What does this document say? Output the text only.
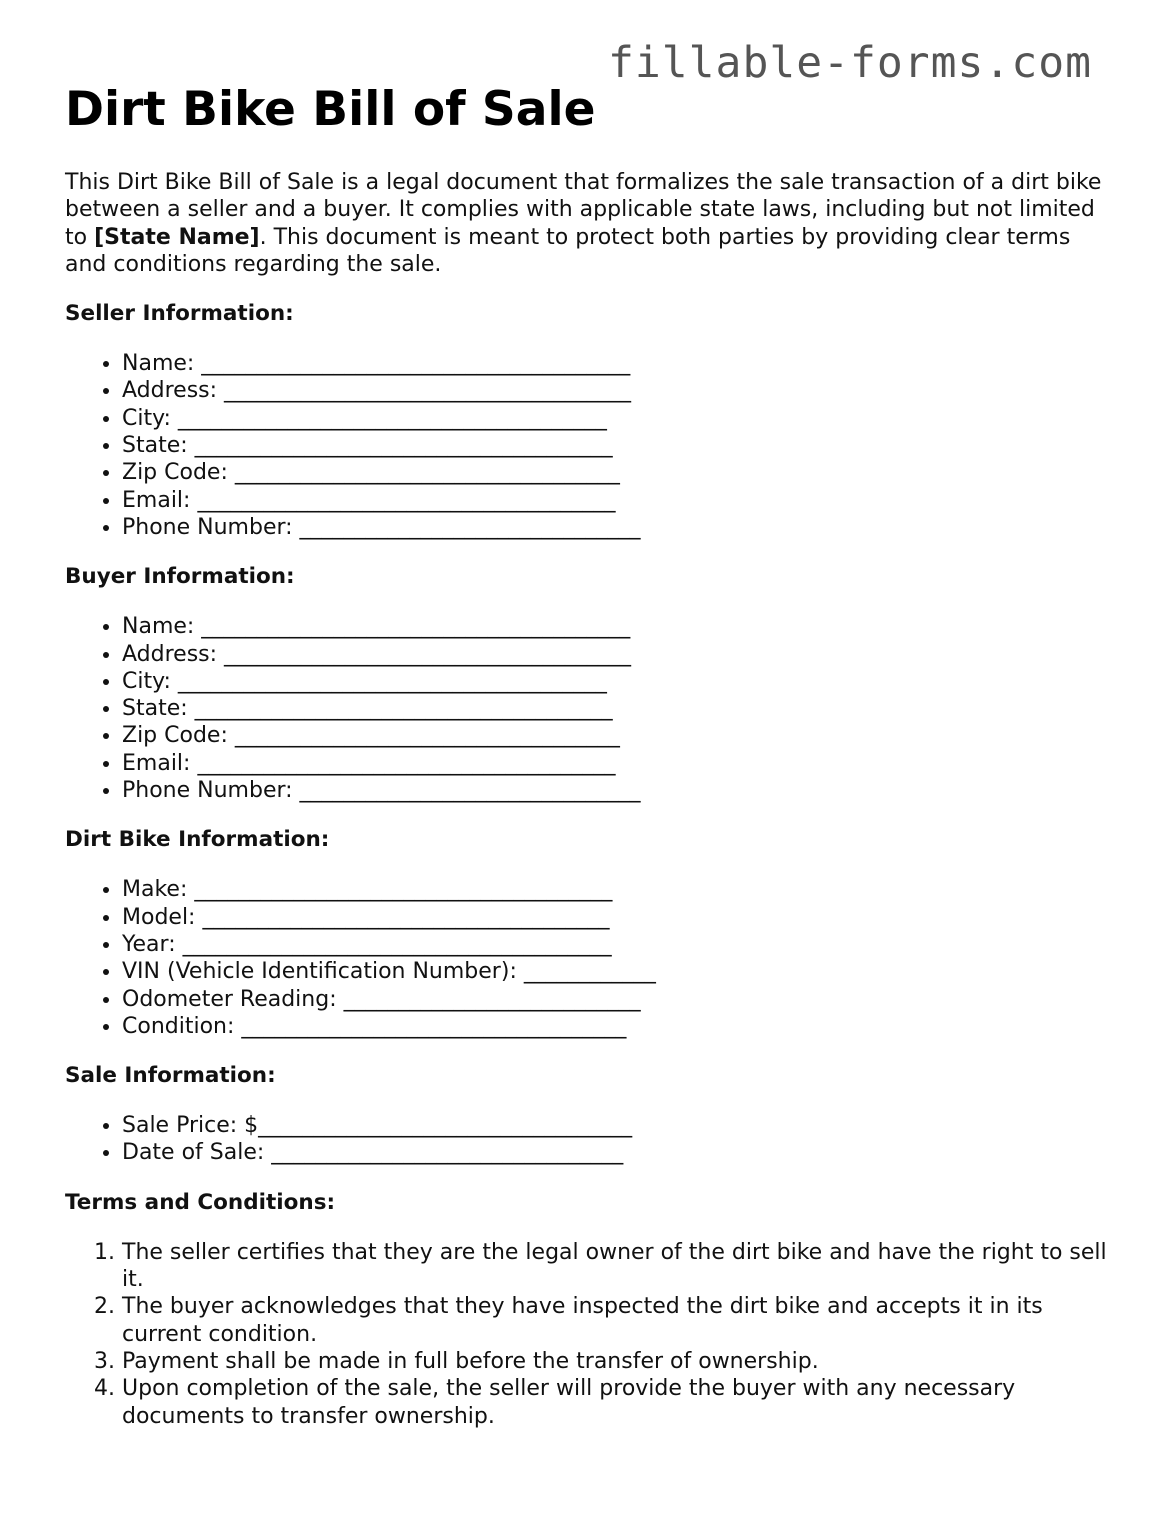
fillable-forms.com
Dirt Bike Bill of Sale

This Dirt Bike Bill of Sale is a legal document that formalizes the sale transaction of a dirt bike between a seller and a buyer. It complies with applicable state laws, including but not limited to [State Name]. This document is meant to protect both parties by providing clear terms and conditions regarding the sale.

Seller Information:
• Name: _______________________________________
• Address: _____________________________________
• City: _______________________________________
• State: ______________________________________
• Zip Code: ___________________________________
• Email: ______________________________________
• Phone Number: _______________________________
Buyer Information:
• Name: _______________________________________
• Address: _____________________________________
• City: _______________________________________
• State: ______________________________________
• Zip Code: ___________________________________
• Email: ______________________________________
• Phone Number: _______________________________
Dirt Bike Information:
• Make: ______________________________________
• Model: _____________________________________
• Year: _______________________________________
• VIN (Vehicle Identification Number): ____________
• Odometer Reading: ___________________________
• Condition: ___________________________________
Sale Information:
• Sale Price: $__________________________________
• Date of Sale: ________________________________
Terms and Conditions:
1. The seller certifies that they are the legal owner of the dirt bike and have the right to sell it.
2. The buyer acknowledges that they have inspected the dirt bike and accepts it in its current condition.
3. Payment shall be made in full before the transfer of ownership.
4. Upon completion of the sale, the seller will provide the buyer with any necessary documents to transfer ownership.
